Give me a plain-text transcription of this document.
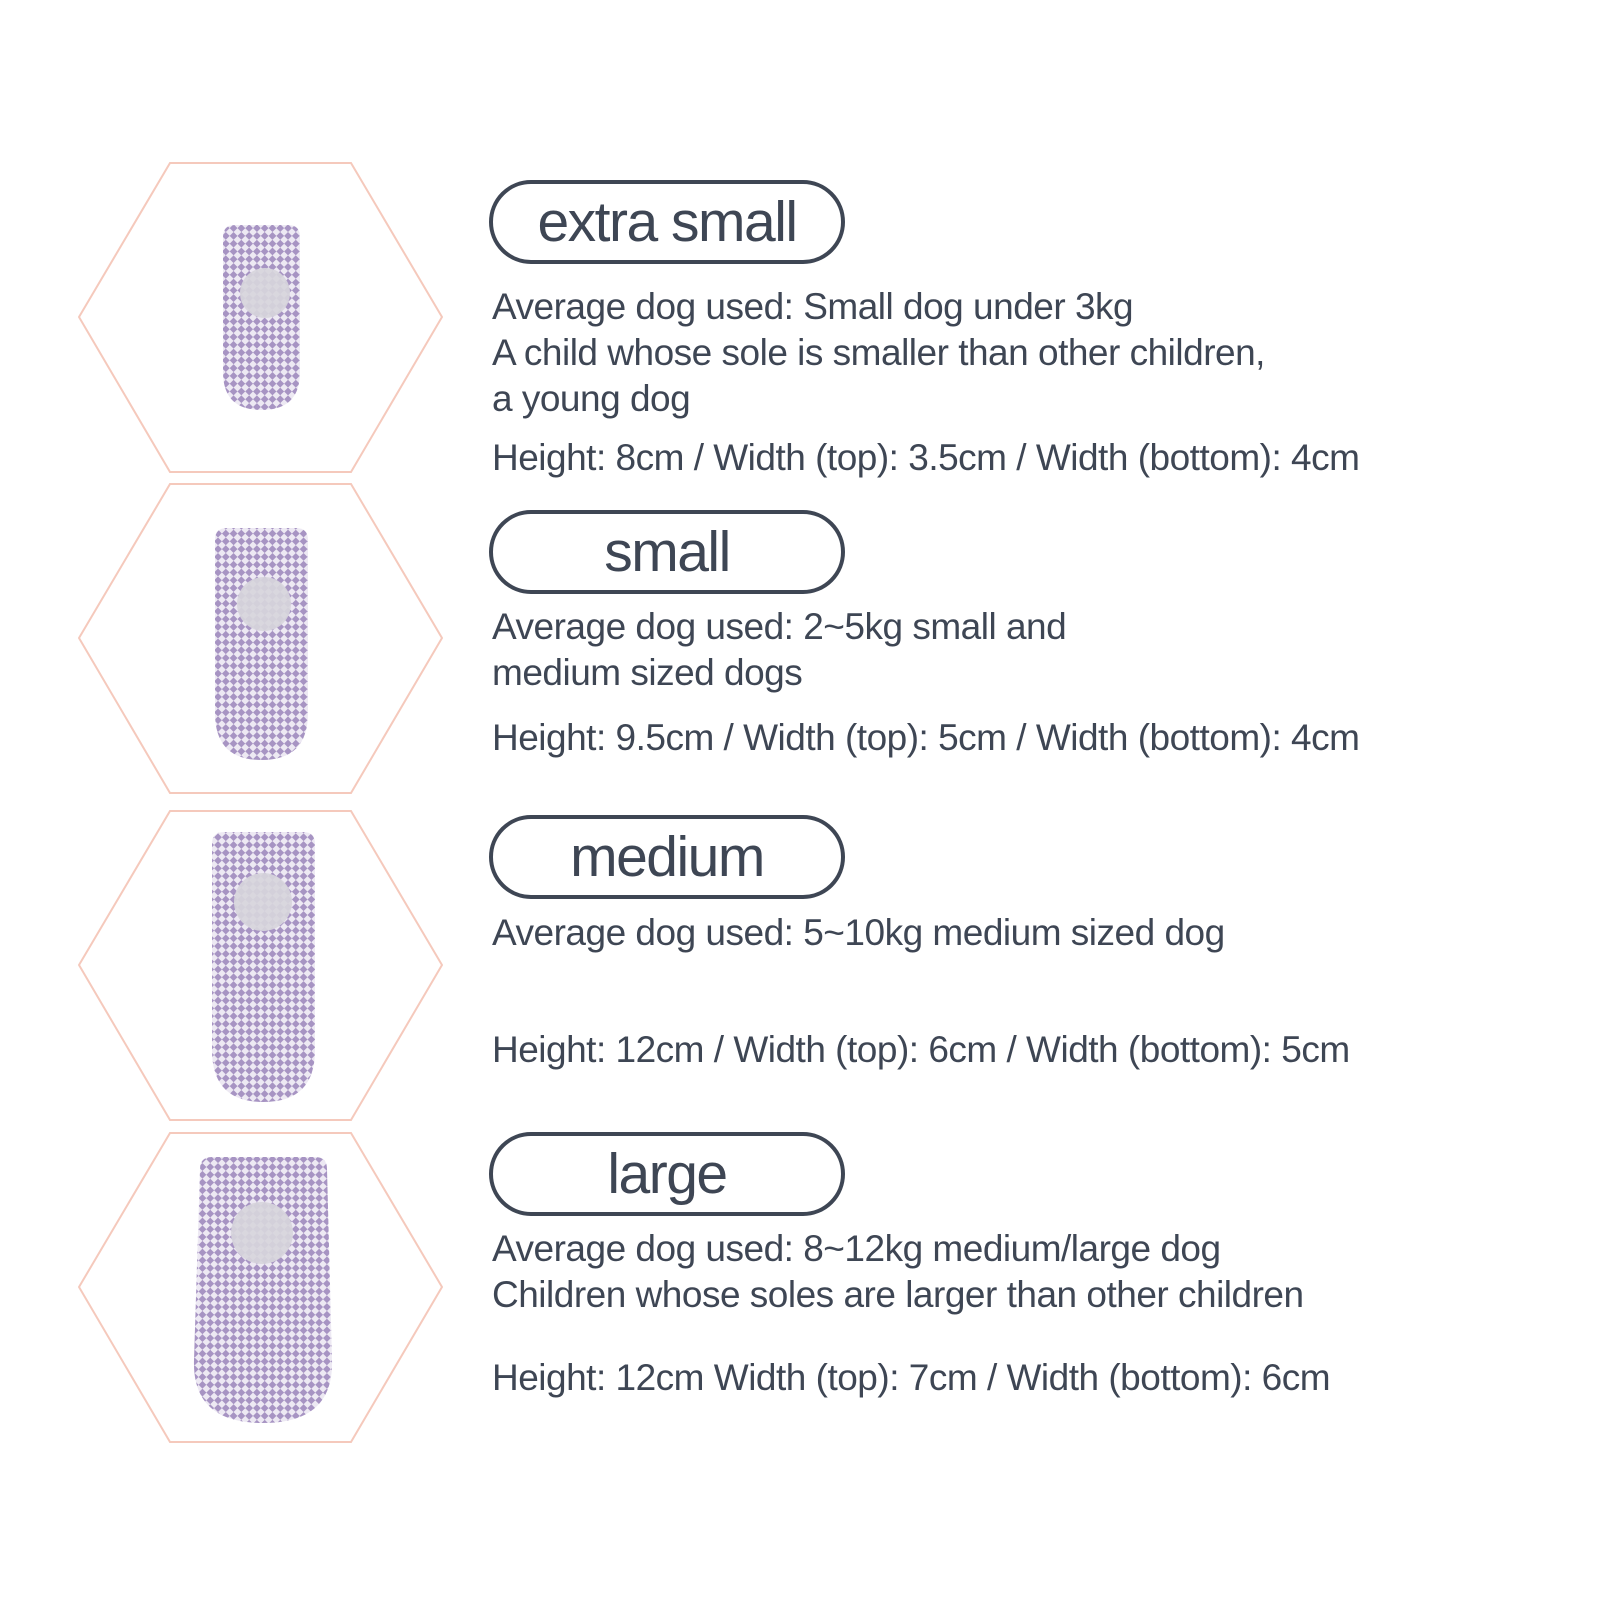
extra small

Average dog used: Small dog under 3kg
A child whose sole is smaller than other children,
a young dog

Height: 8cm / Width (top): 3.5cm / Width (bottom): 4cm

small

Average dog used: 2~5kg small and
medium sized dogs

Height: 9.5cm / Width (top): 5cm / Width (bottom): 4cm

medium

Average dog used: 5~10kg medium sized dog

Height: 12cm / Width (top): 6cm / Width (bottom): 5cm

large

Average dog used: 8~12kg medium/large dog
Children whose soles are larger than other children

Height: 12cm Width (top): 7cm / Width (bottom): 6cm
